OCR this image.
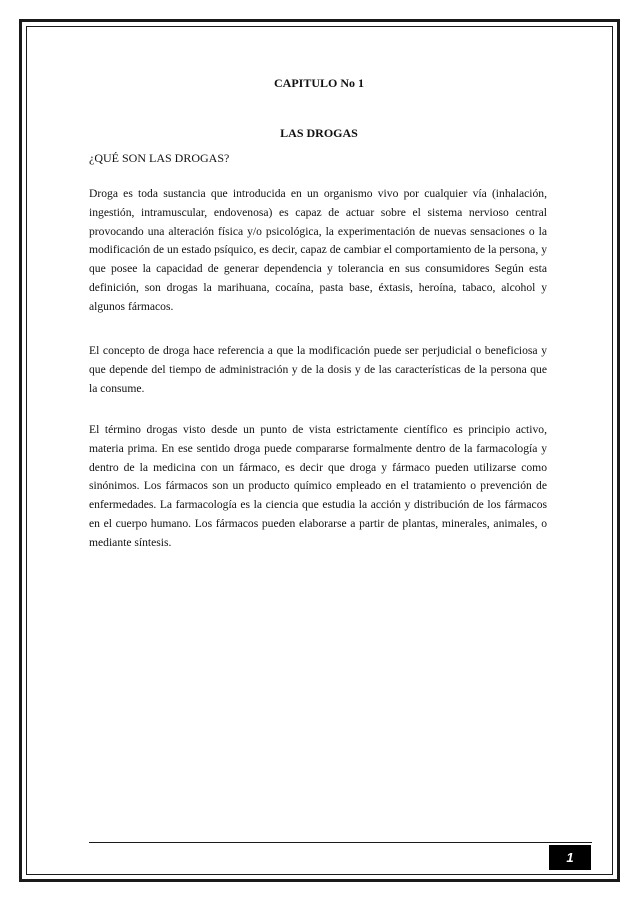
CAPITULO No 1
LAS DROGAS
¿QUÉ SON LAS DROGAS?

Droga es toda sustancia que introducida en un organismo vivo por cualquier vía (inhalación, ingestión, intramuscular, endovenosa) es capaz de actuar sobre el sistema nervioso central provocando una alteración física y/o psicológica, la experimentación de nuevas sensaciones o la modificación de un estado psíquico, es decir, capaz de cambiar el comportamiento de la persona, y que posee la capacidad de generar dependencia y tolerancia en sus consumidores Según esta definición, son drogas la marihuana, cocaína, pasta base, éxtasis, heroína, tabaco, alcohol y algunos fármacos.

El concepto de droga hace referencia a que la modificación puede ser perjudicial o beneficiosa y que depende del tiempo de administración y de la dosis y de las características de la persona que la consume.

El término drogas visto desde un punto de vista estrictamente científico es principio activo, materia prima. En ese sentido droga puede compararse formalmente dentro de la farmacología y dentro de la medicina con un fármaco, es decir que droga y fármaco pueden utilizarse como sinónimos. Los fármacos son un producto químico empleado en el tratamiento o prevención de enfermedades. La farmacología es la ciencia que estudia la acción y distribución de los fármacos en el cuerpo humano. Los fármacos pueden elaborarse a partir de plantas, minerales, animales, o mediante síntesis.

1
